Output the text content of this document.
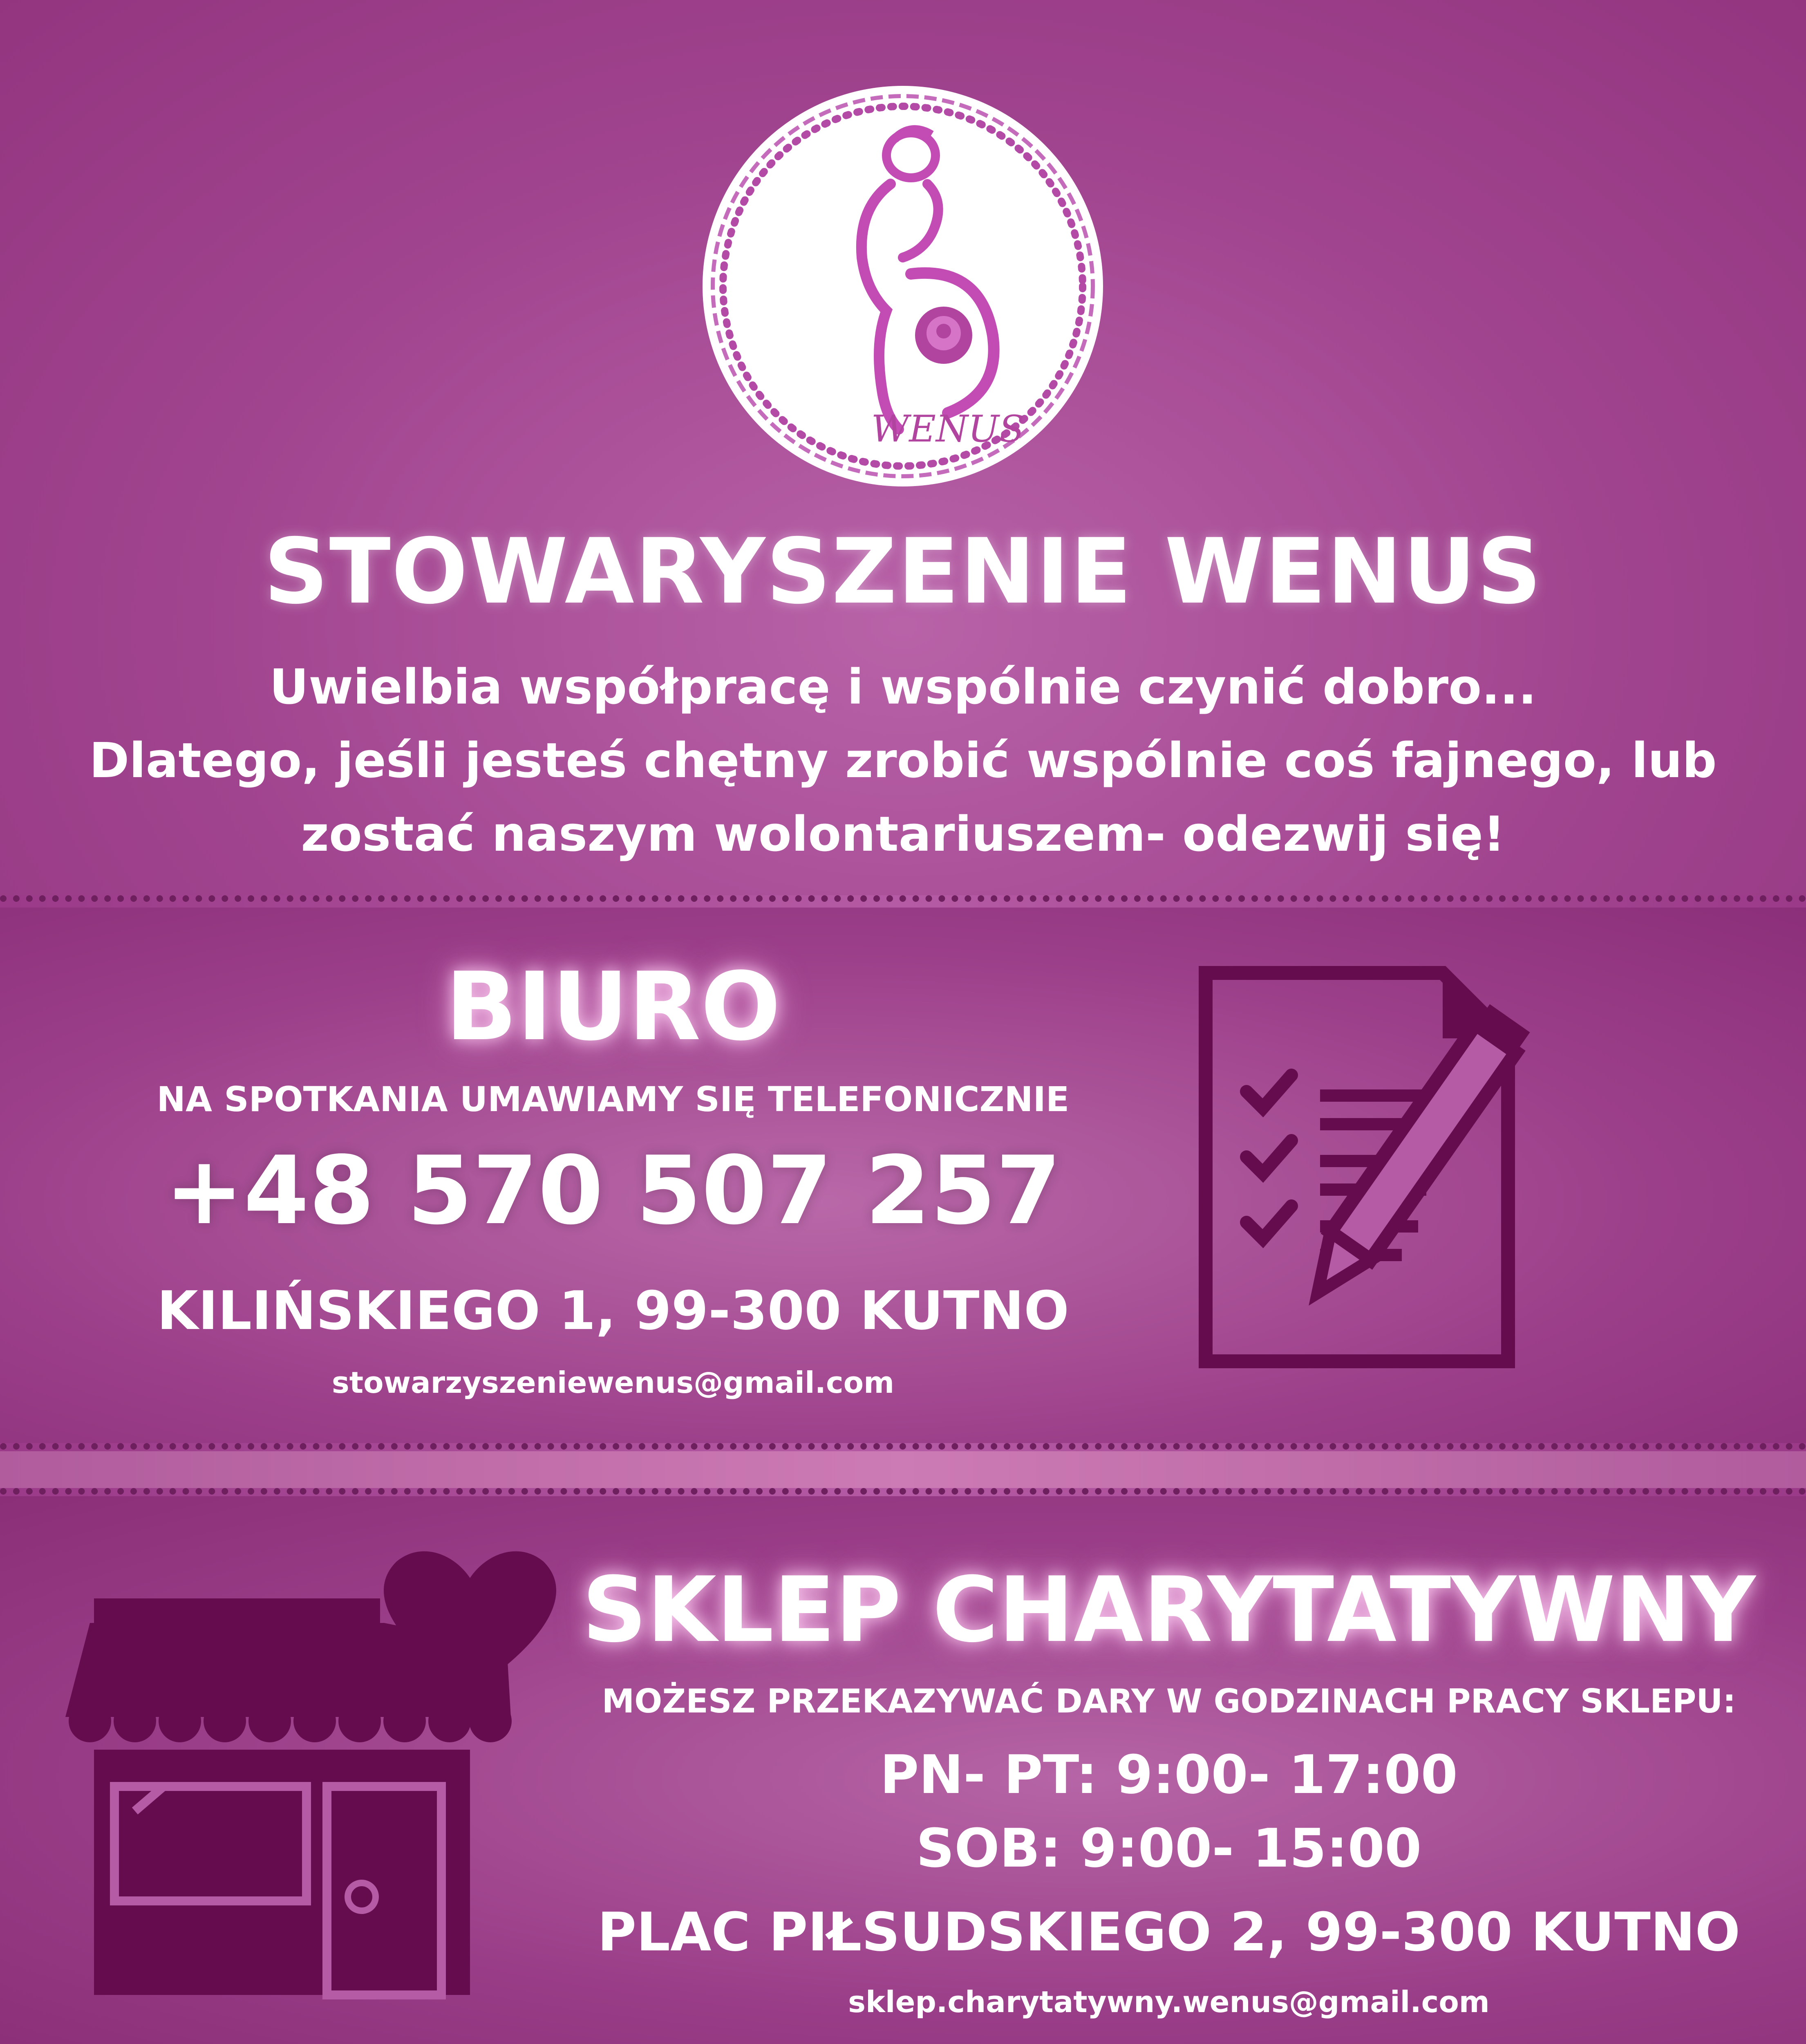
WENUS
STOWARYSZENIE WENUS
Uwielbia współpracę i wspólnie czynić dobro...
Dlatego, jeśli jesteś chętny zrobić wspólnie coś fajnego, lub
zostać naszym wolontariuszem- odezwij się!
BIURO
NA SPOTKANIA UMAWIAMY SIĘ TELEFONICZNIE
+48 570 507 257
KILIŃSKIEGO 1, 99-300 KUTNO
stowarzyszeniewenus@gmail.com
SKLEP CHARYTATYWNY
MOŻESZ PRZEKAZYWAĆ DARY W GODZINACH PRACY SKLEPU:
PN- PT: 9:00- 17:00
SOB: 9:00- 15:00
PLAC PIŁSUDSKIEGO 2, 99-300 KUTNO
sklep.charytatywny.wenus@gmail.com
